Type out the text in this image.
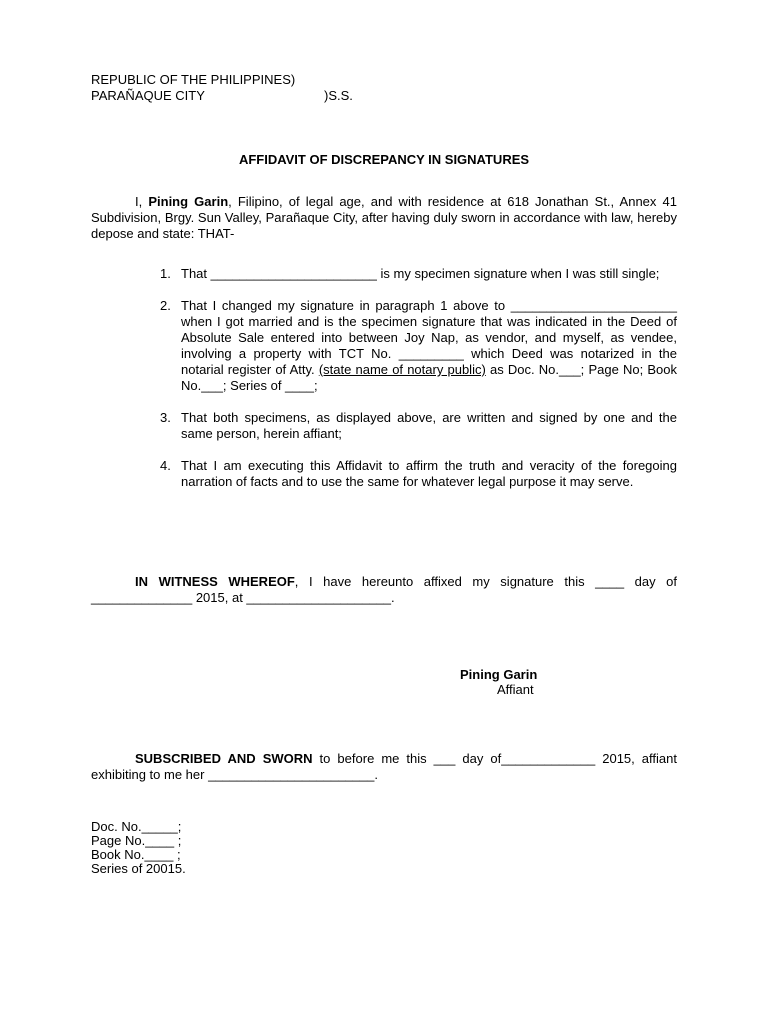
REPUBLIC OF THE PHILIPPINES)
PARAÑAQUE CITY	)S.S.
AFFIDAVIT OF DISCREPANCY IN SIGNATURES
I, Pining Garin, Filipino, of legal age, and with residence at 618 Jonathan St., Annex 41 Subdivision, Brgy. Sun Valley, Parañaque City, after having duly sworn in accordance with law, hereby depose and state: THAT-
1. That _______________________ is my specimen signature when I was still single;
2. That I changed my signature in paragraph 1 above to _______________________ when I got married and is the specimen signature that was indicated in the Deed of Absolute Sale entered into between Joy Nap, as vendor, and myself, as vendee, involving a property with TCT No. _________ which Deed was notarized in the notarial register of Atty. (state name of notary public) as Doc. No.___; Page No; Book No.___; Series of ____;
3. That both specimens, as displayed above, are written and signed by one and the same person, herein affiant;
4. That I am executing this Affidavit to affirm the truth and veracity of the foregoing narration of facts and to use the same for whatever legal purpose it may serve.
IN WITNESS WHEREOF, I have hereunto affixed my signature this ____ day of ______________ 2015, at ____________________.
Pining Garin
Affiant
SUBSCRIBED AND SWORN to before me this ___ day of_____________ 2015, affiant exhibiting to me her _______________________.
Doc. No._____;
Page No.____ ;
Book No.____ ;
Series of 20015.
